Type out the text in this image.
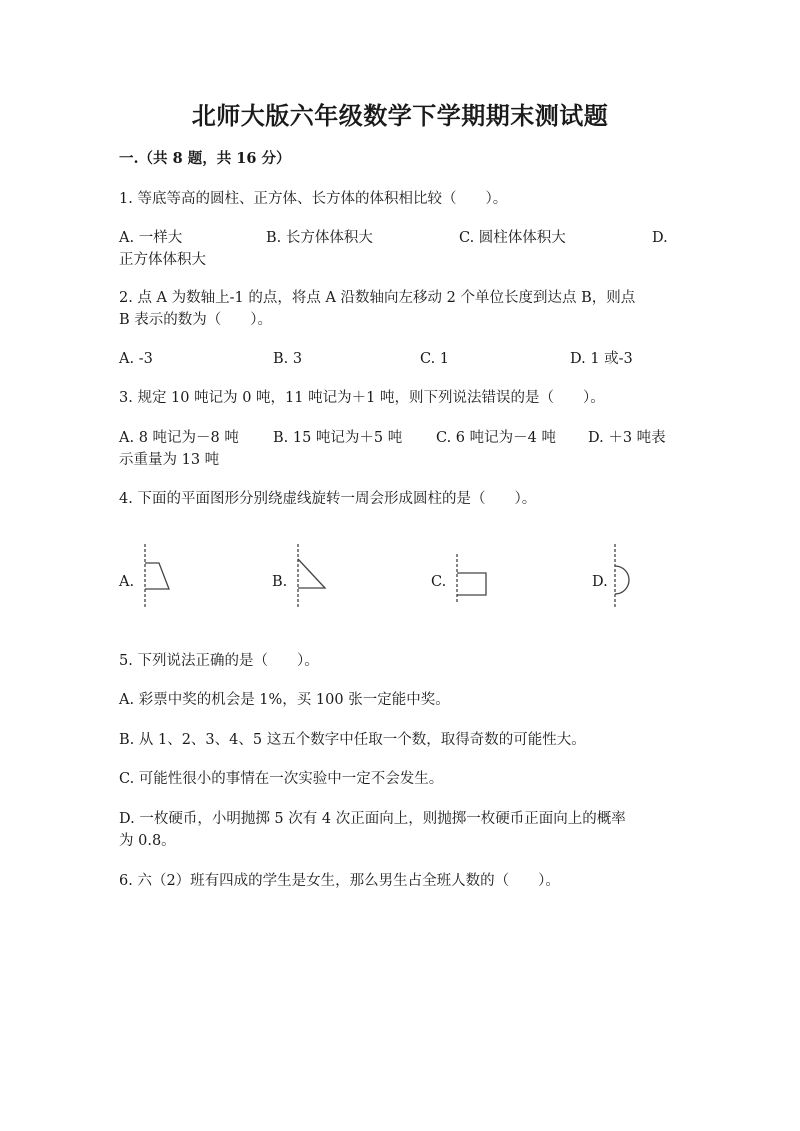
北师大版六年级数学下学期期末测试题
一.（共 8 题，共 16 分）
1. 等底等高的圆柱、正方体、长方体的体积相比较（　　）。
A. 一样大	B. 长方体体积大	C. 圆柱体体积大	D.
正方体体积大
2. 点 A 为数轴上-1 的点，将点 A 沿数轴向左移动 2 个单位长度到达点 B，则点
B 表示的数为（　　）。
A. -3	B. 3	C. 1	D. 1 或-3
3. 规定 10 吨记为 0 吨，11 吨记为＋1 吨，则下列说法错误的是（　　）。
A. 8 吨记为－8 吨 B. 15 吨记为＋5 吨 C. 6 吨记为－4 吨 D. ＋3 吨表
示重量为 13 吨
4. 下面的平面图形分别绕虚线旋转一周会形成圆柱的是（　　）。
A.	B.	C.	D.
5. 下列说法正确的是（　　）。
A. 彩票中奖的机会是 1%，买 100 张一定能中奖。
B. 从 1、2、3、4、5 这五个数字中任取一个数，取得奇数的可能性大。
C. 可能性很小的事情在一次实验中一定不会发生。
D. 一枚硬币，小明抛掷 5 次有 4 次正面向上，则抛掷一枚硬币正面向上的概率
为 0.8。
6. 六（2）班有四成的学生是女生，那么男生占全班人数的（　　）。
